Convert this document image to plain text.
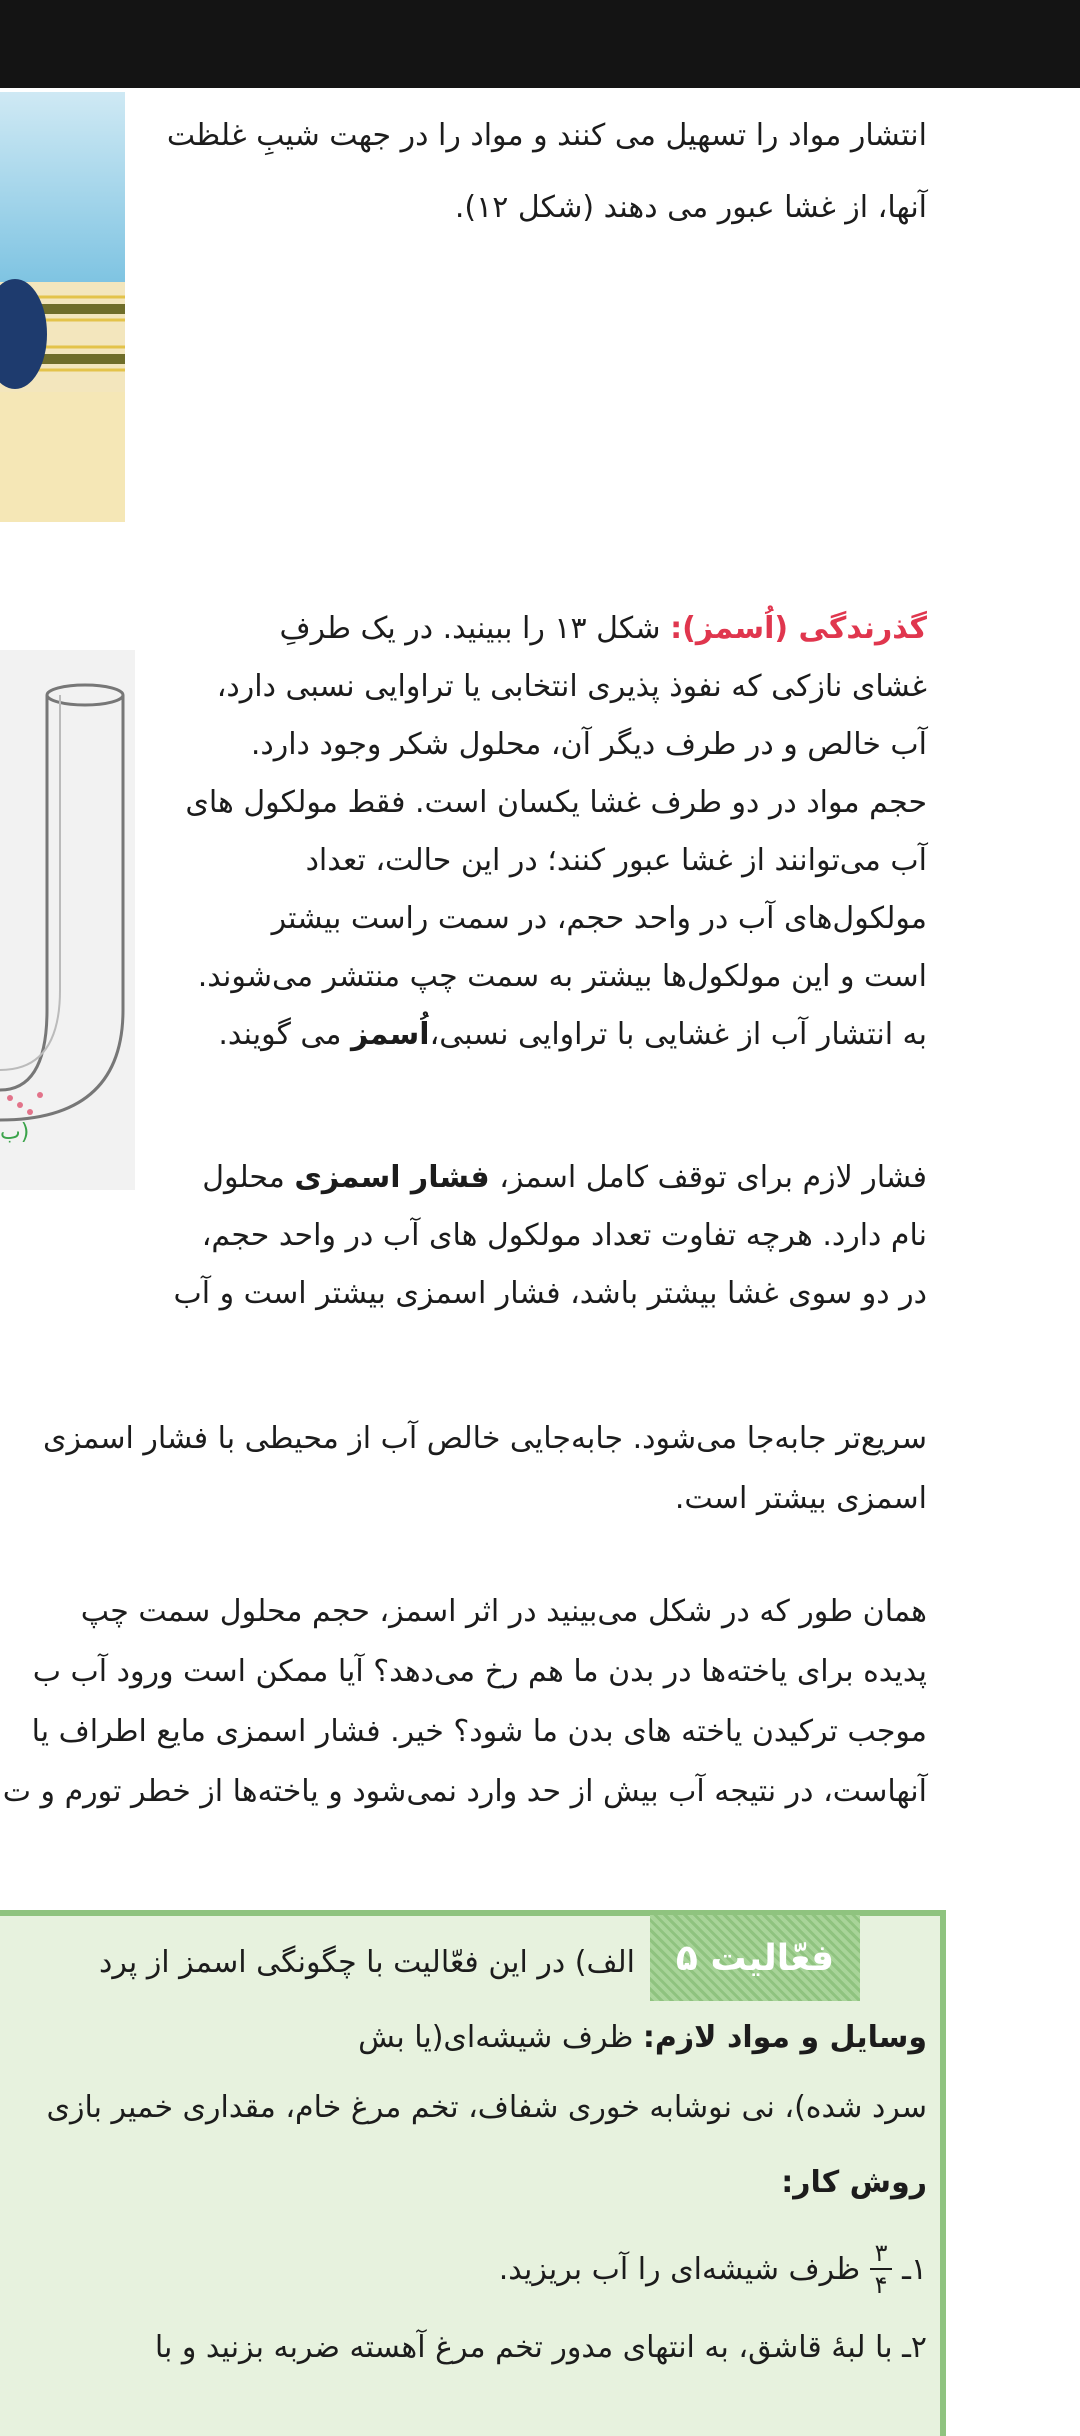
ب)
انتشار مواد را تسهیل می کنند و مواد را در جهت شیبِ غلظت
آنها، از غشا عبور می دهند (شکل ۱۲).
گذرندگی (اُسمز): شکل ۱۳ را ببینید. در یک طرفِ
غشای نازکی که نفوذ پذیری انتخابی یا تراوایی نسبی دارد،
آب خالص و در طرف دیگر آن، محلول شکر وجود دارد.
حجم مواد در دو طرف غشا یکسان است. فقط مولکول های
آب می‌توانند از غشا عبور کنند؛ در این حالت، تعداد
مولکول‌های آب در واحد حجم، در سمت راست بیشتر
است و این مولکول‌ها بیشتر به سمت چپ منتشر می‌شوند.
به انتشار آب از غشایی با تراوایی نسبی،اُسمز می گویند.
فشار لازم برای توقف کامل اسمز، فشار اسمزی محلول
نام دارد. هرچه تفاوت تعداد مولکول های آب در واحد حجم،
در دو سوی غشا بیشتر باشد، فشار اسمزی بیشتر است و آب
سریع‌تر جابه‌جا می‌شود. جابه‌جایی خالص آب از محیطی با فشار اسمزی
اسمزی بیشتر است.
همان طور که در شکل می‌بینید در اثر اسمز، حجم محلول سمت چپ
پدیده برای یاخته‌ها در بدن ما هم رخ می‌دهد؟ آیا ممکن است ورود آب ب
موجب ترکیدن یاخته های بدن ما شود؟ خیر. فشار اسمزی مایع اطراف یا
آنهاست، در نتیجه آب بیش از حد وارد نمی‌شود و یاخته‌ها از خطر تورم و ت
فعّالیت ۵
الف) در این فعّالیت با چگونگی اسمز از پرد
وسایل و مواد لازم: ظرف شیشه‌ای(یا بش
سرد شده)، نی نوشابه خوری شفاف، تخم مرغ خام، مقداری خمیر بازی
روش کار:
۱ـ
$\frac{۳}{۴}$
ظرف شیشه‌ای را آب بریزید.
۲ـ با لبهٔ قاشق، به انتهای مدور تخم مرغ آهسته ضربه بزنید و با
